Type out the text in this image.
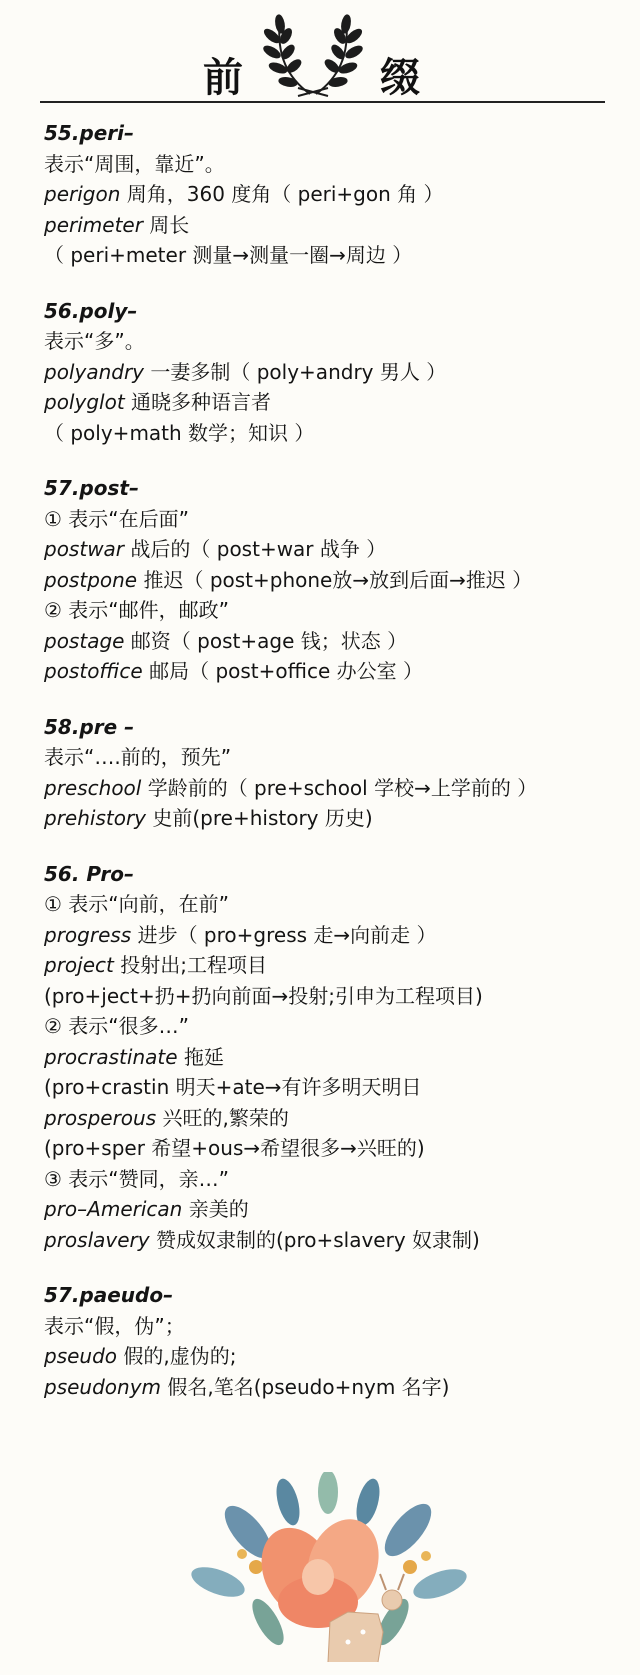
前	缀
55.peri–
表示“周围，靠近”。
perigon 周角，360 度角（ peri+gon 角 ）
perimeter 周长
（ peri+meter 测量→测量一圈→周边 ）
56.poly–
表示“多”。
polyandry 一妻多制（ poly+andry 男人 ）
polyglot 通晓多种语言者
（ poly+math 数学；知识 ）
57.post–
① 表示“在后面”
postwar 战后的（ post+war 战争 ）
postpone 推迟（ post+phone放→放到后面→推迟 ）
② 表示“邮件，邮政”
postage 邮资（ post+age 钱；状态 ）
postoffice 邮局（ post+office 办公室 ）
58.pre –
表示“….前的，预先”
preschool 学龄前的（ pre+school 学校→上学前的 ）
prehistory 史前(pre+history 历史)
56. Pro–
① 表示“向前，在前”
progress 进步（ pro+gress 走→向前走 ）
project 投射出;工程项目
(pro+ject+扔+扔向前面→投射;引申为工程项目)
② 表示“很多…”
procrastinate 拖延
(pro+crastin 明天+ate→有许多明天明日
prosperous 兴旺的,繁荣的
(pro+sper 希望+ous→希望很多→兴旺的)
③ 表示“赞同，亲…”
pro–American 亲美的
proslavery 赞成奴隶制的(pro+slavery 奴隶制)
57.paeudo–
表示“假，伪”；
pseudo 假的,虚伪的;
pseudonym 假名,笔名(pseudo+nym 名字)
